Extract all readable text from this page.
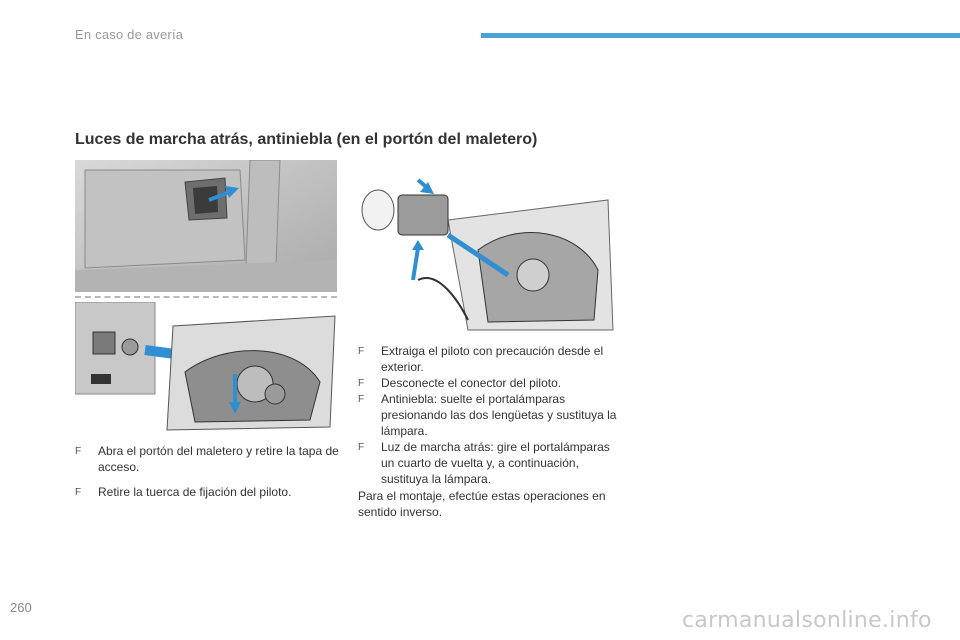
En caso de avería
Luces de marcha atrás, antiniebla (en el portón del maletero)
F Abra el portón del maletero y retire la tapa de acceso.
F Retire la tuerca de fijación del piloto.
F Extraiga el piloto con precaución desde el exterior.
F Desconecte el conector del piloto.
F Antiniebla: suelte el portalámparas presionando las dos lengüetas y sustituya la lámpara.
F Luz de marcha atrás: gire el portalámparas un cuarto de vuelta y, a continuación, sustituya la lámpara.
Para el montaje, efectúe estas operaciones en sentido inverso.
260
carmanualsonline.info
